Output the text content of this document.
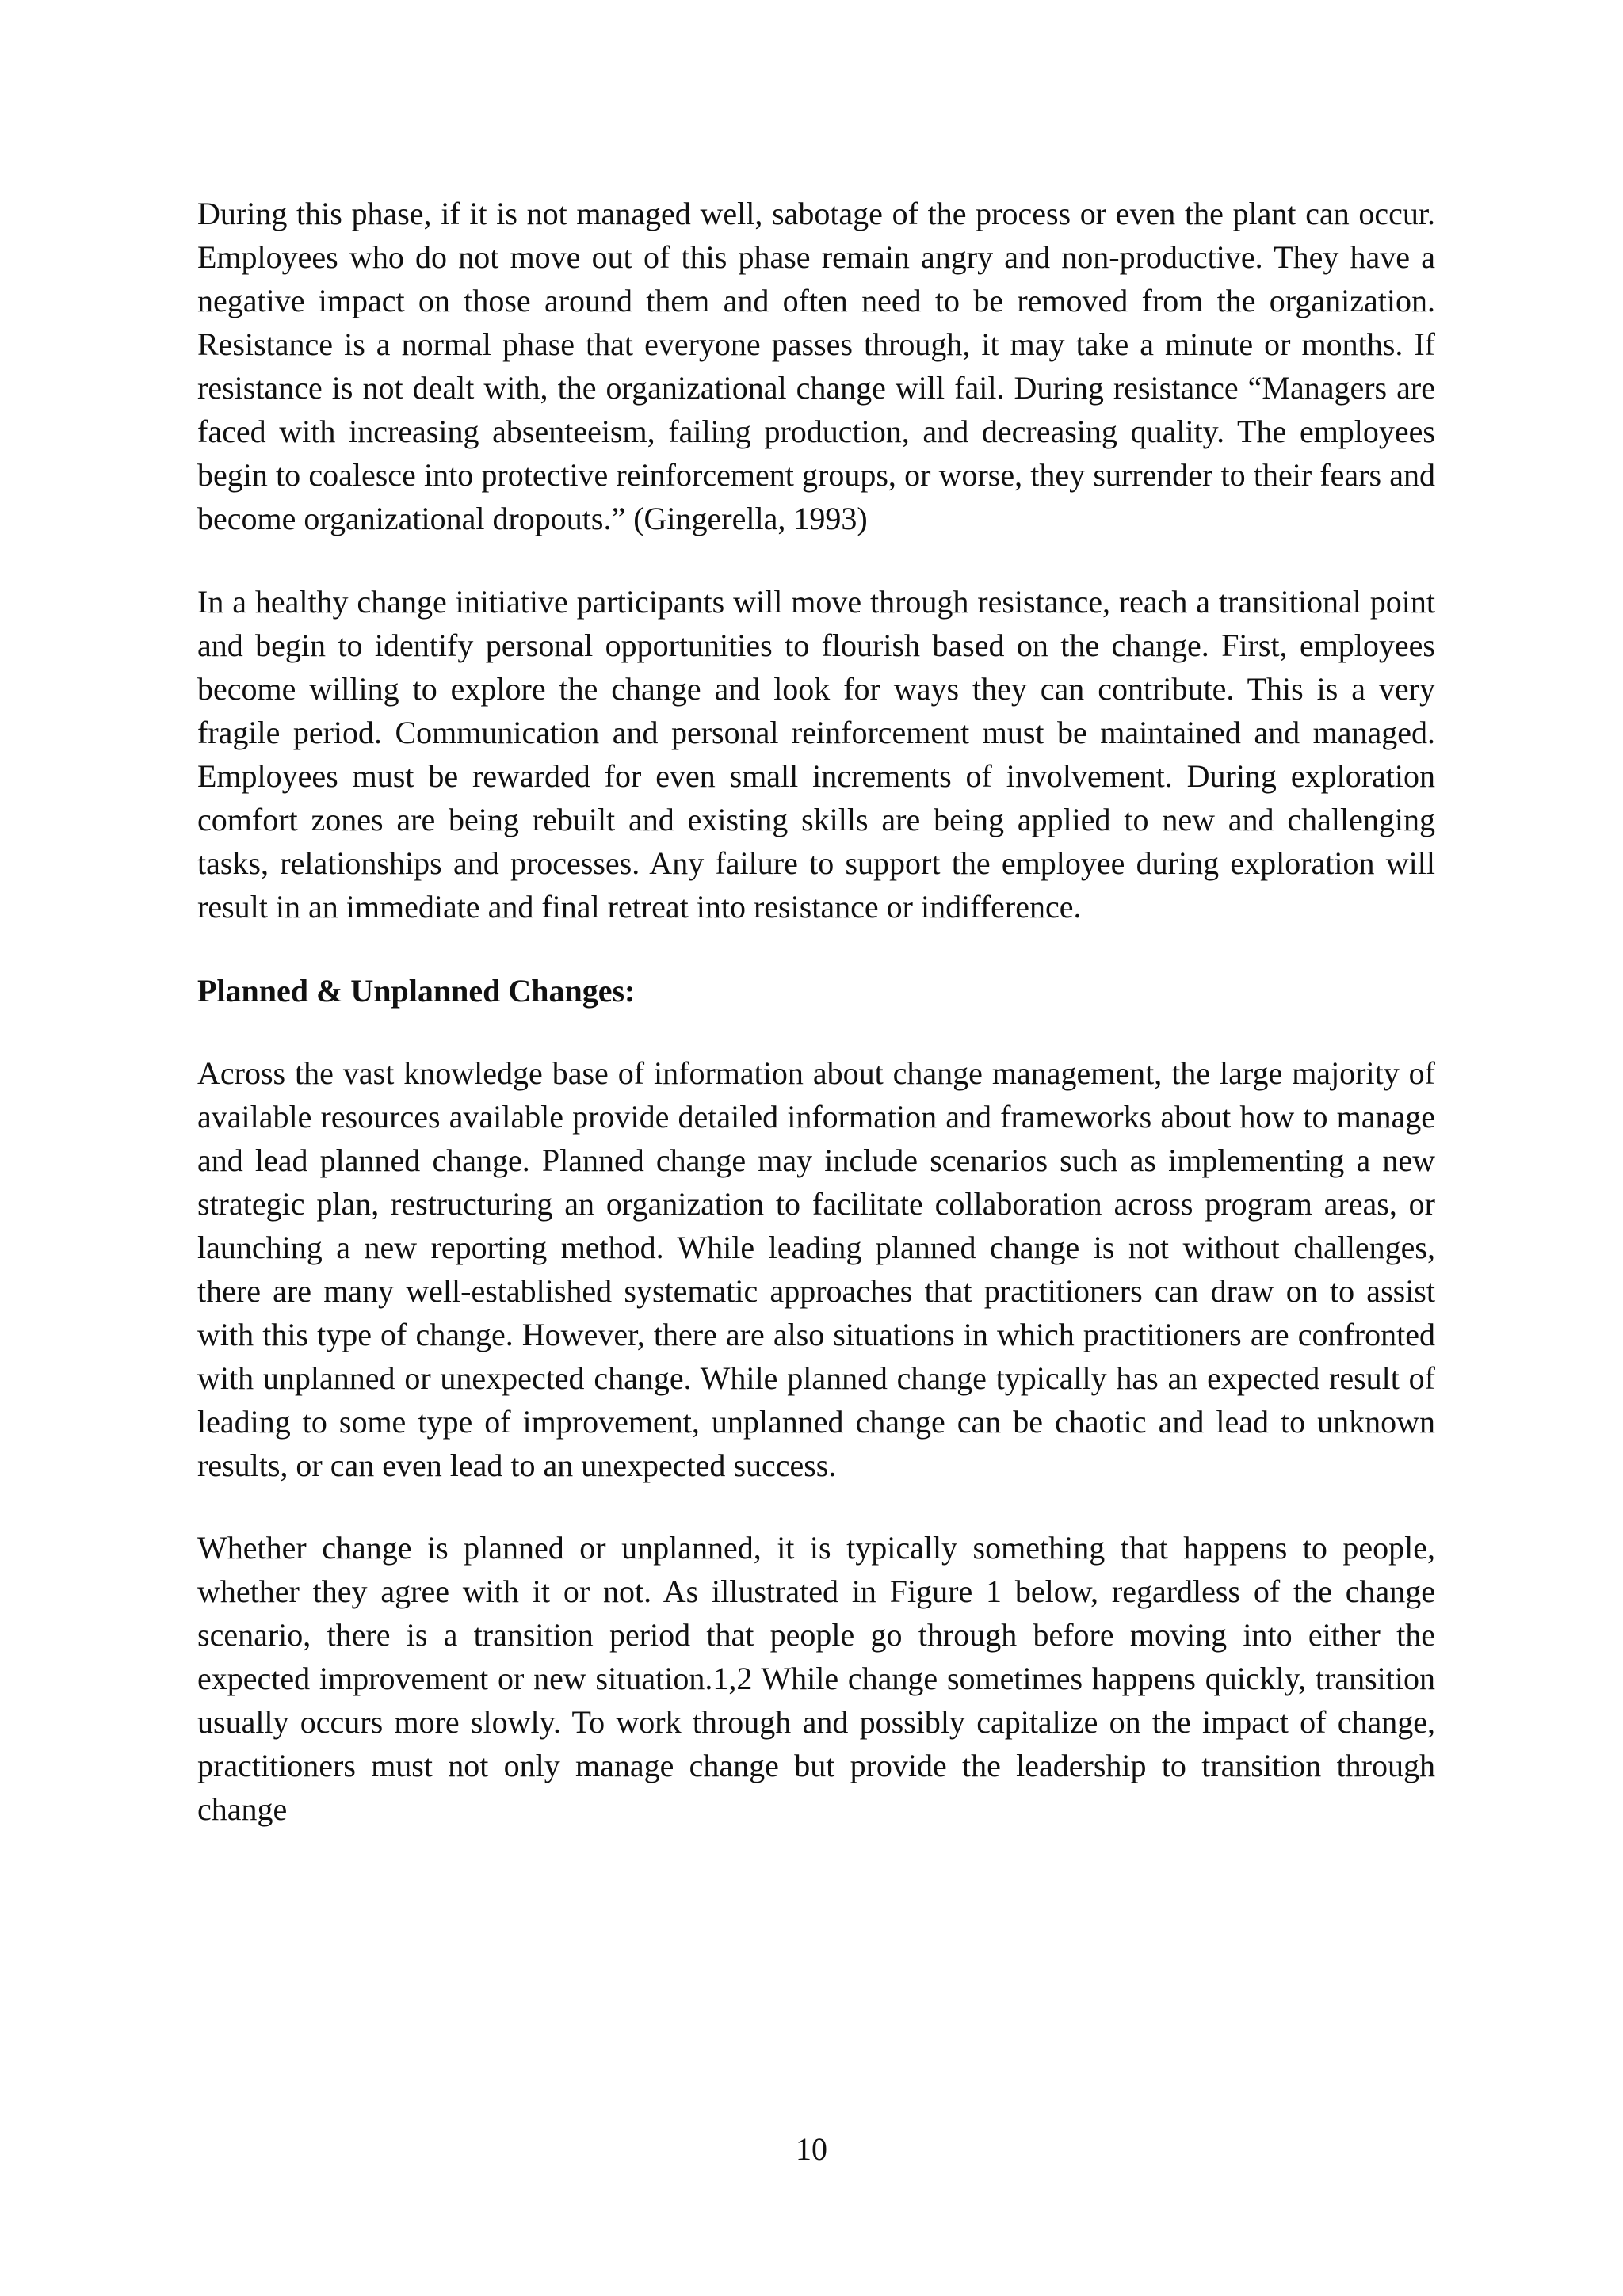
During this phase, if it is not managed well, sabotage of the process or even the plant can occur. Employees who do not move out of this phase remain angry and non-productive. They have a negative impact on those around them and often need to be removed from the organization. Resistance is a normal phase that everyone passes through, it may take a minute or months. If resistance is not dealt with, the organizational change will fail. During resistance “Managers are faced with increasing absenteeism, failing production, and decreasing quality. The employees begin to coalesce into protective reinforcement groups, or worse, they surrender to their fears and become organizational dropouts.” (Gingerella, 1993)

In a healthy change initiative participants will move through resistance, reach a transitional point and begin to identify personal opportunities to flourish based on the change. First, employees become willing to explore the change and look for ways they can contribute. This is a very fragile period. Communication and personal reinforcement must be maintained and managed. Employees must be rewarded for even small increments of involvement. During exploration comfort zones are being rebuilt and existing skills are being applied to new and challenging tasks, relationships and processes. Any failure to support the employee during exploration will result in an immediate and final retreat into resistance or indifference.

Planned & Unplanned Changes:

Across the vast knowledge base of information about change management, the large majority of available resources available provide detailed information and frameworks about how to manage and lead planned change. Planned change may include scenarios such as implementing a new strategic plan, restructuring an organization to facilitate collaboration across program areas, or launching a new reporting method. While leading planned change is not without challenges, there are many well-established systematic approaches that practitioners can draw on to assist with this type of change. However, there are also situations in which practitioners are confronted with unplanned or unexpected change. While planned change typically has an expected result of leading to some type of improvement, unplanned change can be chaotic and lead to unknown results, or can even lead to an unexpected success.

Whether change is planned or unplanned, it is typically something that happens to people, whether they agree with it or not. As illustrated in Figure 1 below, regardless of the change scenario, there is a transition period that people go through before moving into either the expected improvement or new situation.1,2 While change sometimes happens quickly, transition usually occurs more slowly. To work through and possibly capitalize on the impact of change, practitioners must not only manage change but provide the leadership to transition through change

10
